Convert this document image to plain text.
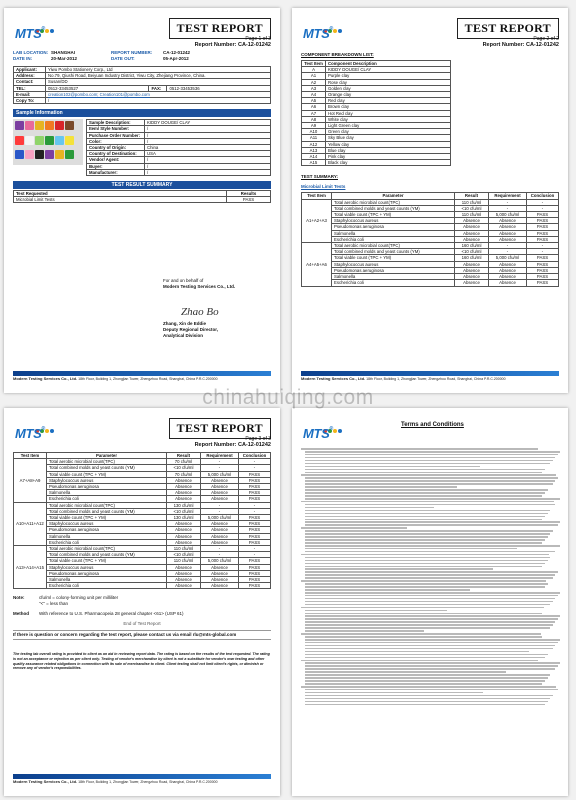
MTS®	TEST REPORT
Page 1 of 3
Report Number: CA-12-01242
LAB LOCATION: SHANGHAI	REPORT NUMBER:	CA-12-01242
DATE IN:	20-Mar-2012	DATE OUT:	05-Apr-2012
Applicant:	Yiwu Pombo Stationery Corp., Ltd		
Address:	No.79, Qiushi Road, Beiyuan Industry District, Yiwu City, Zhejiang Province, China.		
Contact:	Susan/DD		
TEL:	0512-33453527	FAX:	0512-33453536
E-mail:	creation102@pombo.com; Creation101@pombo.com		
Copy To:	/		
Sample Information
Sample Description:	KIDDY DOUGE/ CLAY
Item/ Style Number:	/
Purchase Order Number:	/
Color:	/
Country of Origin:	China
Country of Destination:	USA
Vendor/ Agent:	/
Buyer:	/
Manufacturer:	/
TEST RESULT SUMMARY
Test Requested	Results
Microbial Limit Tests	PASS
For and on behalf of
Modern Testing Services Co., Ltd.
Zhao Bo
Zhang, Xin de Eddie
Deputy Regional Director,
Analytical Division
Modern Testing Services Co., Ltd. 18th Floor, Building 1, Zhongjian Tower, Zhengzhou Road, Shanghai, China P.R.C.200000
MTS®	TEST REPORT
Page 2 of 2
Report Number: CA-12-01242
COMPONENT BREAKDOWN LIST:
Test Item	Component Description
A	KIDDY DOUGE/ CLAY
A1	Purple clay
A2	Rose clay
A3	Golden clay
A4	Orange clay
A5	Red clay
A6	Brown clay
A7	Hot Red clay
A8	White clay
A9	Light Green clay
A10	Green clay
A11	Sky Blue clay
A12	Yellow clay
A13	Blue clay
A14	Pink clay
A15	Black clay
TEST SUMMARY:
Microbial Limit Tests
Test Item	Parameter	Result	Requirement	Conclusion
A1+A2+A3	Total aerobic microbial count(TPC)	110 cfu/ml	-	-
	Total combined molds and yeast counts (YM)	<10 cfu/ml	-	-
	Total viable count (TPC + YM)	110 cfu/ml	5,000 cfu/ml	PASS
	Staphylococcus aureus	Absence	Absence	PASS
	Pseudomonas aeruginosa	Absence	Absence	PASS
	Salmonella	Absence	Absence	PASS
	Escherichia coli	Absence	Absence	PASS
A4+A5+A6	Total aerobic microbial count(TPC)	160 cfu/ml	-	-
	Total combined molds and yeast counts (YM)	<10 cfu/ml	-	-
	Total viable count (TPC + YM)	160 cfu/ml	5,000 cfu/ml	PASS
	Staphylococcus aureus	Absence	Absence	PASS
	Pseudomonas aeruginosa	Absence	Absence	PASS
	Salmonella	Absence	Absence	PASS
	Escherichia coli	Absence	Absence	PASS
Modern Testing Services Co., Ltd. 18th Floor, Building 1, Zhongjian Tower, Zhengzhou Road, Shanghai, China P.R.C.200000
MTS®	TEST REPORT
Page 3 of 3
Report Number: CA-12-01242
Test Item	Parameter	Result	Requirement	Conclusion
A7+A8+A9	Total aerobic microbial count(TPC)	70 cfu/ml	-	-
	Total combined molds and yeast counts (YM)	<10 cfu/ml	-	-
	Total viable count (TPC + YM)	70 cfu/ml	5,000 cfu/ml	PASS
	Staphylococcus aureus	Absence	Absence	PASS
	Pseudomonas aeruginosa	Absence	Absence	PASS
	Salmonella	Absence	Absence	PASS
	Escherichia coli	Absence	Absence	PASS
A10+A11+A12	Total aerobic microbial count(TPC)	130 cfu/ml	-	-
	Total combined molds and yeast counts (YM)	<10 cfu/ml	-	-
	Total viable count (TPC + YM)	130 cfu/ml	5,000 cfu/ml	PASS
	Staphylococcus aureus	Absence	Absence	PASS
	Pseudomonas aeruginosa	Absence	Absence	PASS
	Salmonella	Absence	Absence	PASS
	Escherichia coli	Absence	Absence	PASS
A13+A14+A15	Total aerobic microbial count(TPC)	110 cfu/ml	-	-
	Total combined molds and yeast counts (YM)	<10 cfu/ml	-	-
	Total viable count (TPC + YM)	110 cfu/ml	5,000 cfu/ml	PASS
	Staphylococcus aureus	Absence	Absence	PASS
	Pseudomonas aeruginosa	Absence	Absence	PASS
	Salmonella	Absence	Absence	PASS
	Escherichia coli	Absence	Absence	PASS
Note:	cfu/ml = colony-forming unit per milliliter
"<" = less than
Method	With reference to U.S. Pharmacopeia 28 general chapter <61> (USP 61)
End of Test Report
If there is question or concern regarding the test report, please contact us via email rlu@mts-global.com
The testing lab overall rating is provided to client as an aid in reviewing report data. The rating is based on the results of the test requested. The rating is not an acceptance or rejection as per client only. Testing of vendor's merchandise by client is not a substitute for vendor's own testing and other quality assurance related obligations in connection with its sale of merchandise to client. Client testing shall not limit client's rights, or diminish or remove any of vendor's responsibilities.
Modern Testing Services Co., Ltd. 18th Floor, Building 1, Zhongjian Tower, Zhengzhou Road, Shanghai, China P.R.C.200000
MTS®
Terms and Conditions
chinahuiqing.com
